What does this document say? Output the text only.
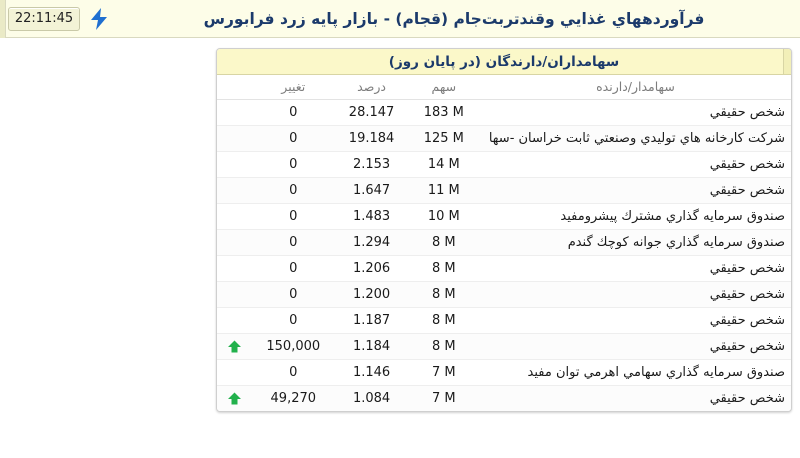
فرآوردههاي غذايي وقندتربت‌جام (قجام) - بازار پایه زرد فرابورس
22:11:45
سهامداران/دارندگان (در پایان روز)
سهامدار/دارنده	سهم	درصد	تغییر	
شخص حقيقي	183 M	28.147	0	
شركت كارخانه هاي توليدي وصنعتي ثابت خراسان -سها	125 M	19.184	0	
شخص حقيقي	14 M	2.153	0	
شخص حقيقي	11 M	1.647	0	
صندوق سرمايه گذاري مشترك پيشرومفيد	10 M	1.483	0	
صندوق سرمايه گذاري جوانه كوچك گندم	8 M	1.294	0	
شخص حقيقي	8 M	1.206	0	
شخص حقيقي	8 M	1.200	0	
شخص حقيقي	8 M	1.187	0	
شخص حقيقي	8 M	1.184	150,000	

صندوق سرمايه گذاري سهامي اهرمي توان مفيد	7 M	1.146	0	
شخص حقيقي	7 M	1.084	49,270	
